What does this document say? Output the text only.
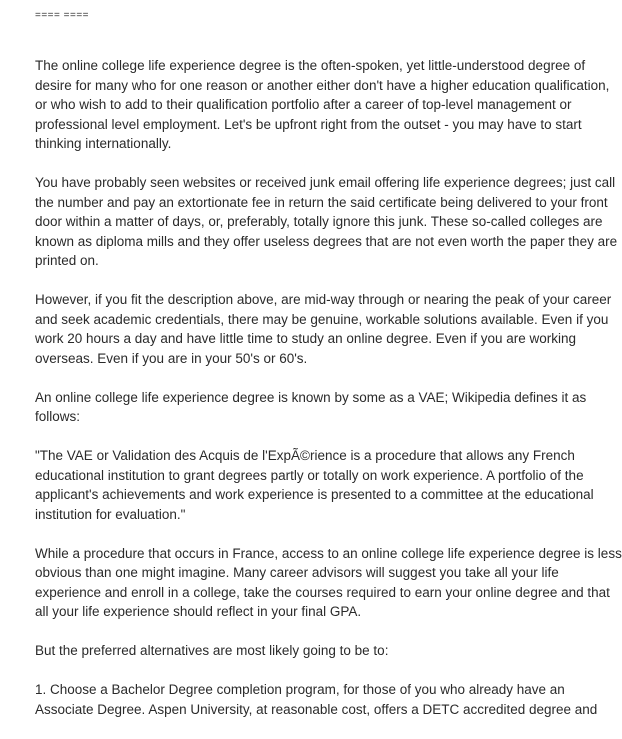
==== ====

The online college life experience degree is the often-spoken, yet little-understood degree of
desire for many who for one reason or another either don't have a higher education qualification,
or who wish to add to their qualification portfolio after a career of top-level management or
professional level employment. Let's be upfront right from the outset - you may have to start
thinking internationally.

You have probably seen websites or received junk email offering life experience degrees; just call
the number and pay an extortionate fee in return the said certificate being delivered to your front
door within a matter of days, or, preferably, totally ignore this junk. These so-called colleges are
known as diploma mills and they offer useless degrees that are not even worth the paper they are
printed on.

However, if you fit the description above, are mid-way through or nearing the peak of your career
and seek academic credentials, there may be genuine, workable solutions available. Even if you
work 20 hours a day and have little time to study an online degree. Even if you are working
overseas. Even if you are in your 50's or 60's.

An online college life experience degree is known by some as a VAE; Wikipedia defines it as
follows:

"The VAE or Validation des Acquis de l'ExpÃ©rience is a procedure that allows any French
educational institution to grant degrees partly or totally on work experience. A portfolio of the
applicant's achievements and work experience is presented to a committee at the educational
institution for evaluation."

While a procedure that occurs in France, access to an online college life experience degree is less
obvious than one might imagine. Many career advisors will suggest you take all your life
experience and enroll in a college, take the courses required to earn your online degree and that
all your life experience should reflect in your final GPA.

But the preferred alternatives are most likely going to be to:

1. Choose a Bachelor Degree completion program, for those of you who already have an
Associate Degree. Aspen University, at reasonable cost, offers a DETC accredited degree and
